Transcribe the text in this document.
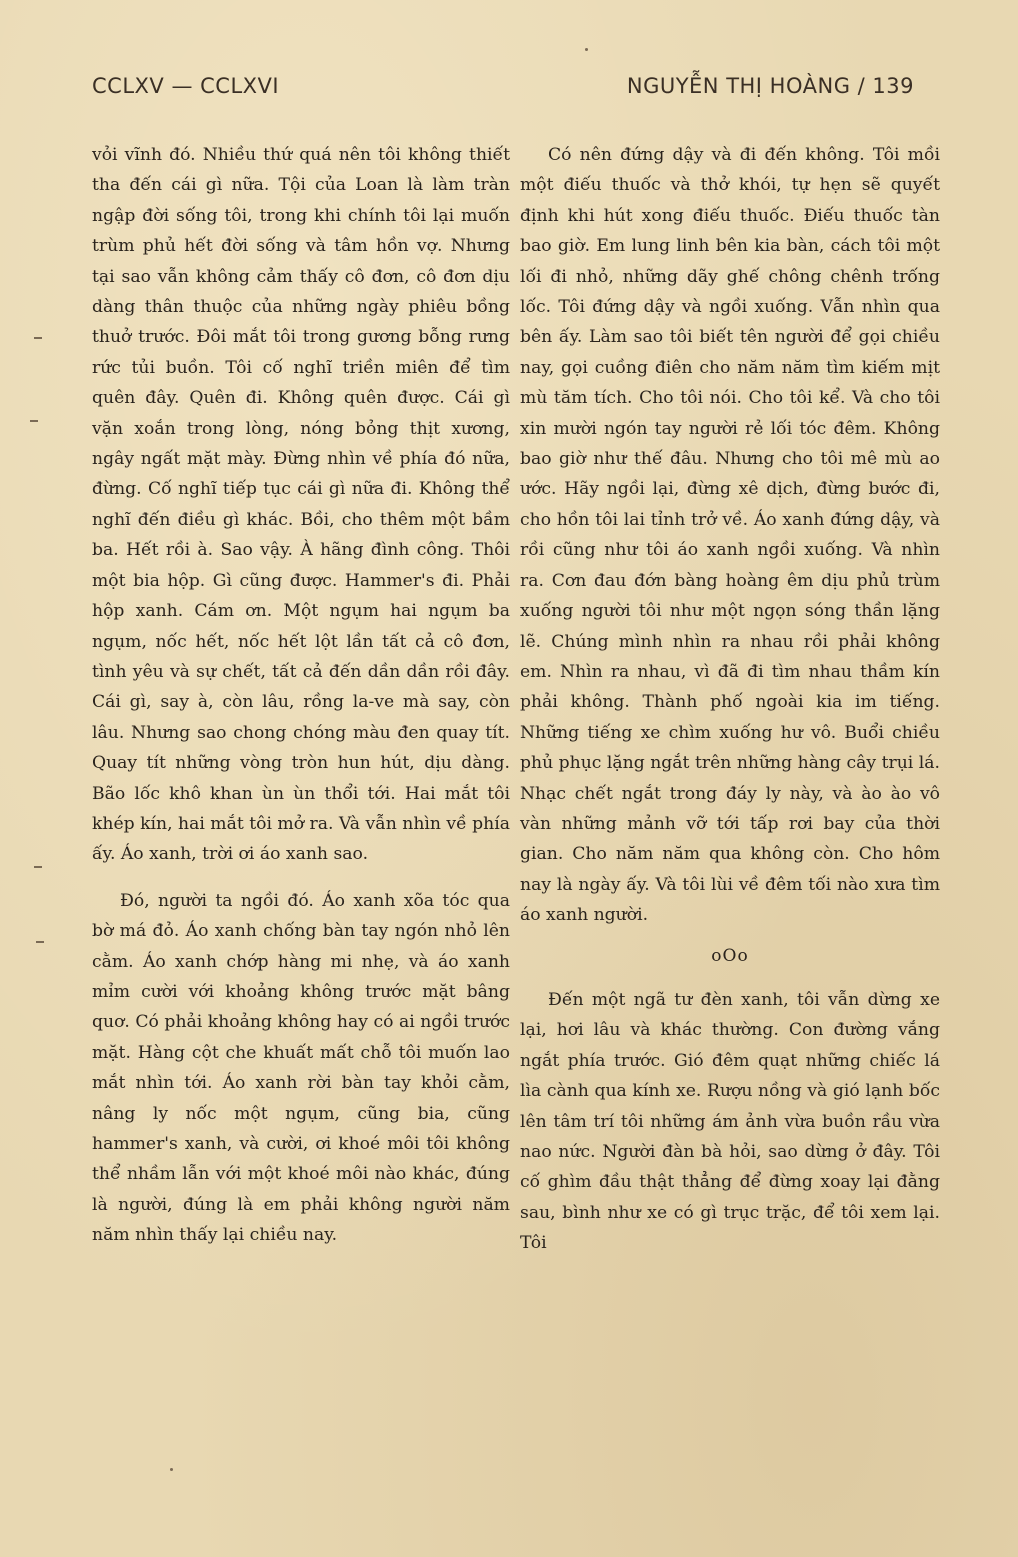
CCLXV — CCLXVI	NGUYỄN THỊ HOÀNG / 139

vỏi vĩnh đó. Nhiều thứ quá nên tôi không thiết tha đến cái gì nữa. Tội của Loan là làm tràn ngập đời sống tôi, trong khi chính tôi lại muốn trùm phủ hết đời sống và tâm hồn vợ. Nhưng tại sao vẫn không cảm thấy cô đơn, cô đơn dịu dàng thân thuộc của những ngày phiêu bồng thuở trước. Đôi mắt tôi trong gương bỗng rưng rức tủi buồn. Tôi cố nghĩ triền miên để tìm quên đây. Quên đi. Không quên được. Cái gì vặn xoắn trong lòng, nóng bỏng thịt xương, ngây ngất mặt mày. Đừng nhìn về phía đó nữa, đừng. Cố nghĩ tiếp tục cái gì nữa đi. Không thể nghĩ đến điều gì khác. Bồi, cho thêm một bầm ba. Hết rồi à. Sao vậy. À hãng đình công. Thôi một bia hộp. Gì cũng được. Hammer's đi. Phải hộp xanh. Cám ơn. Một ngụm hai ngụm ba ngụm, nốc hết, nốc hết lột lần tất cả cô đơn, tình yêu và sự chết, tất cả đến dần dần rồi đây. Cái gì, say à, còn lâu, rồng la-ve mà say, còn lâu. Nhưng sao chong chóng màu đen quay tít. Quay tít những vòng tròn hun hút, dịu dàng. Bão lốc khô khan ùn ùn thổi tới. Hai mắt tôi khép kín, hai mắt tôi mở ra. Và vẫn nhìn về phía ấy. Áo xanh, trời ơi áo xanh sao.

Đó, người ta ngồi đó. Áo xanh xõa tóc qua bờ má đỏ. Áo xanh chống bàn tay ngón nhỏ lên cằm. Áo xanh chớp hàng mi nhẹ, và áo xanh mỉm cười với khoảng không trước mặt bâng quơ. Có phải khoảng không hay có ai ngồi trước mặt. Hàng cột che khuất mất chỗ tôi muốn lao mắt nhìn tới. Áo xanh rời bàn tay khỏi cằm, nâng ly nốc một ngụm, cũng bia, cũng hammer's xanh, và cười, ơi khoé môi tôi không thể nhầm lẫn với một khoé môi nào khác, đúng là người, đúng là em phải không người năm năm nhìn thấy lại chiều nay.

Có nên đứng dậy và đi đến không. Tôi mồi một điếu thuốc và thở khói, tự hẹn sẽ quyết định khi hút xong điếu thuốc. Điếu thuốc tàn bao giờ. Em lung linh bên kia bàn, cách tôi một lối đi nhỏ, những dãy ghế chông chênh trống lốc. Tôi đứng dậy và ngồi xuống. Vẫn nhìn qua bên ấy. Làm sao tôi biết tên người để gọi chiều nay, gọi cuồng điên cho năm năm tìm kiếm mịt mù tăm tích. Cho tôi nói. Cho tôi kể. Và cho tôi xin mười ngón tay người rẻ lối tóc đêm. Không bao giờ như thế đâu. Nhưng cho tôi mê mù ao ước. Hãy ngồi lại, đừng xê dịch, đừng bước đi, cho hồn tôi lai tỉnh trở về. Áo xanh đứng dậy, và rồi cũng như tôi áo xanh ngồi xuống. Và nhìn ra. Cơn đau đớn bàng hoàng êm dịu phủ trùm xuống người tôi như một ngọn sóng thần lặng lẽ. Chúng mình nhìn ra nhau rồi phải không em. Nhìn ra nhau, vì đã đi tìm nhau thầm kín phải không. Thành phố ngoài kia im tiếng. Những tiếng xe chìm xuống hư vô. Buổi chiều phủ phục lặng ngắt trên những hàng cây trụi lá. Nhạc chết ngắt trong đáy ly này, và ào ào vô vàn những mảnh vỡ tới tấp rơi bay của thời gian. Cho năm năm qua không còn. Cho hôm nay là ngày ấy. Và tôi lùi về đêm tối nào xưa tìm áo xanh người.

oOo

Đến một ngã tư đèn xanh, tôi vẫn dừng xe lại, hơi lâu và khác thường. Con đường vắng ngắt phía trước. Gió đêm quạt những chiếc lá lìa cành qua kính xe. Rượu nồng và gió lạnh bốc lên tâm trí tôi những ám ảnh vừa buồn rầu vừa nao nức. Người đàn bà hỏi, sao dừng ở đây. Tôi cố ghìm đầu thật thẳng để đừng xoay lại đằng sau, bình như xe có gì trục trặc, để tôi xem lại. Tôi
